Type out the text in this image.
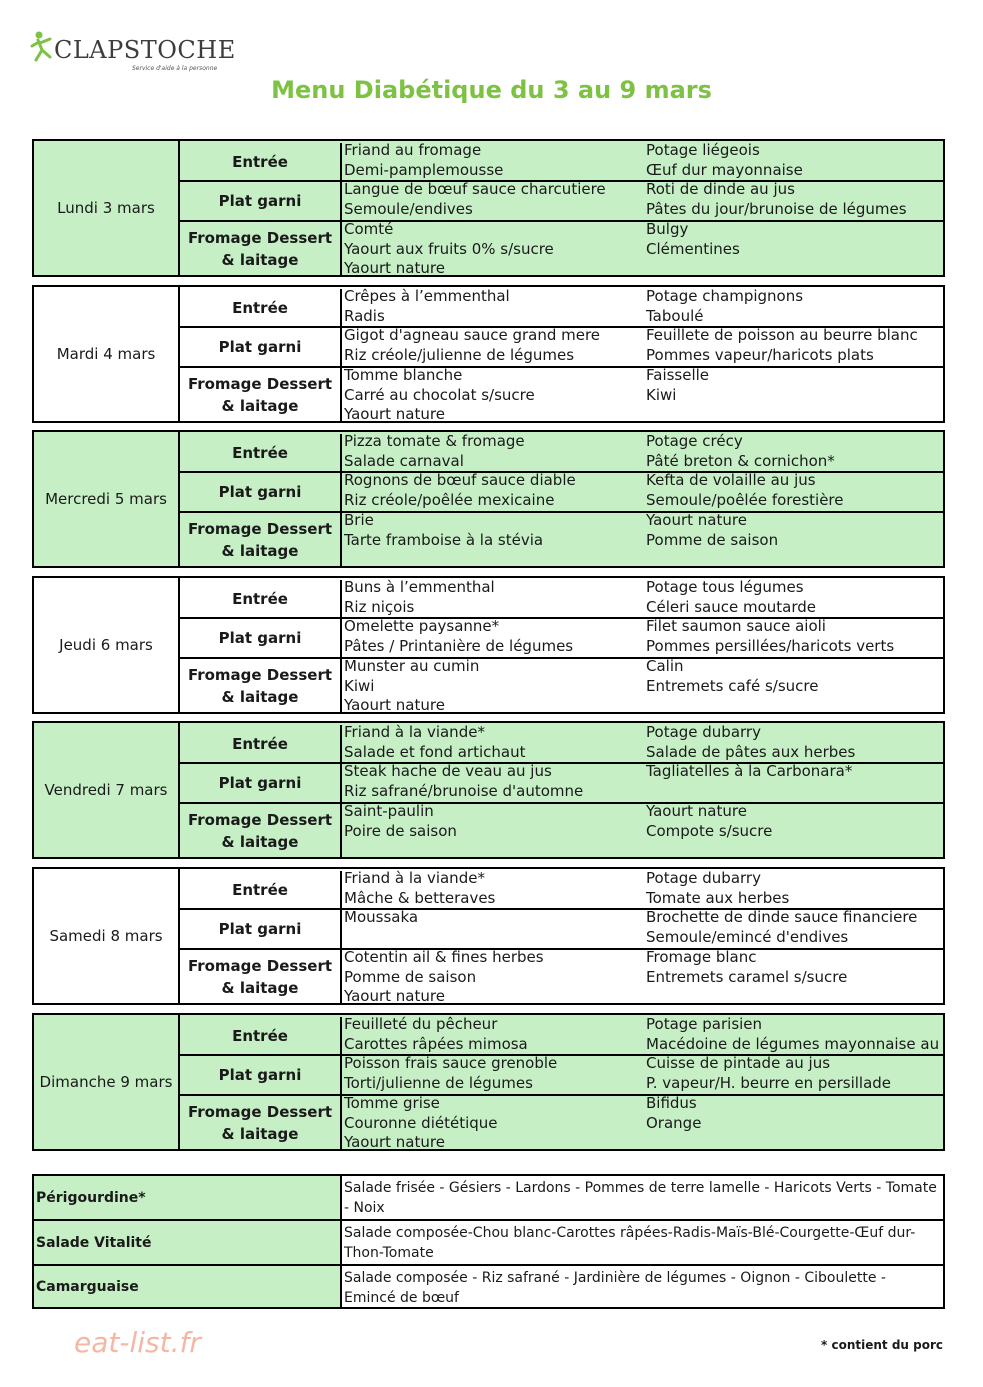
CLAPSTOCHE
Service d'aide à la personne
Menu Diabétique du 3 au 9 mars
Lundi 3 mars
Entrée
Friand au fromage
Demi-pamplemousse
Potage liégeois
Œuf dur mayonnaise
Plat garni
Langue de bœuf sauce charcutiere
Semoule/endives
Roti de dinde au jus
Pâtes du jour/brunoise de légumes
Fromage Dessert & laitage
Comté
Yaourt aux fruits 0% s/sucre
Yaourt nature
Bulgy
Clémentines
Mardi 4 mars
Entrée
Crêpes à l’emmenthal
Radis
Potage champignons
Taboulé
Plat garni
Gigot d'agneau sauce grand mere
Riz créole/julienne de légumes
Feuillete de poisson au beurre blanc
Pommes vapeur/haricots plats
Fromage Dessert & laitage
Tomme blanche
Carré au chocolat s/sucre
Yaourt nature
Faisselle
Kiwi
Mercredi 5 mars
Entrée
Pizza tomate & fromage
Salade carnaval
Potage crécy
Pâté breton & cornichon*
Plat garni
Rognons de bœuf sauce diable
Riz créole/poêlée mexicaine
Kefta de volaille au jus
Semoule/poêlée forestière
Fromage Dessert & laitage
Brie
Tarte framboise à la stévia
Yaourt nature
Pomme de saison
Jeudi 6 mars
Entrée
Buns à l’emmenthal
Riz niçois
Potage tous légumes
Céleri sauce moutarde
Plat garni
Omelette paysanne*
Pâtes / Printanière de légumes
Filet saumon sauce aioli
Pommes persillées/haricots verts
Fromage Dessert & laitage
Munster au cumin
Kiwi
Yaourt nature
Calin
Entremets café s/sucre
Vendredi 7 mars
Entrée
Friand à la viande*
Salade et fond artichaut
Potage dubarry
Salade de pâtes aux herbes
Plat garni
Steak hache de veau au jus
Riz safrané/brunoise d'automne
Tagliatelles à la Carbonara*
Fromage Dessert & laitage
Saint-paulin
Poire de saison
Yaourt nature
Compote s/sucre
Samedi 8 mars
Entrée
Friand à la viande*
Mâche & betteraves
Potage dubarry
Tomate aux herbes
Plat garni
Moussaka	Brochette de dinde sauce financiere
Semoule/emincé d'endives
Fromage Dessert & laitage
Cotentin ail & fines herbes
Pomme de saison
Yaourt nature
Fromage blanc
Entremets caramel s/sucre
Dimanche 9 mars
Entrée
Feuilleté du pêcheur
Carottes râpées mimosa
Potage parisien
Macédoine de légumes mayonnaise au
Plat garni
Poisson frais sauce grenoble
Torti/julienne de légumes
Cuisse de pintade au jus
P. vapeur/H. beurre en persillade
Fromage Dessert & laitage
Tomme grise
Couronne diététique
Yaourt nature
Bifidus
Orange
Périgourdine*
Salade frisée - Gésiers - Lardons - Pommes de terre lamelle - Haricots Verts - Tomate - Noix
Salade Vitalité
Salade composée-Chou blanc-Carottes râpées-Radis-Maïs-Blé-Courgette-Œuf dur-Thon-Tomate
Camarguaise
Salade composée - Riz safrané - Jardinière de légumes - Oignon - Ciboulette - Emincé de bœuf
eat-list.fr	* contient du porc
